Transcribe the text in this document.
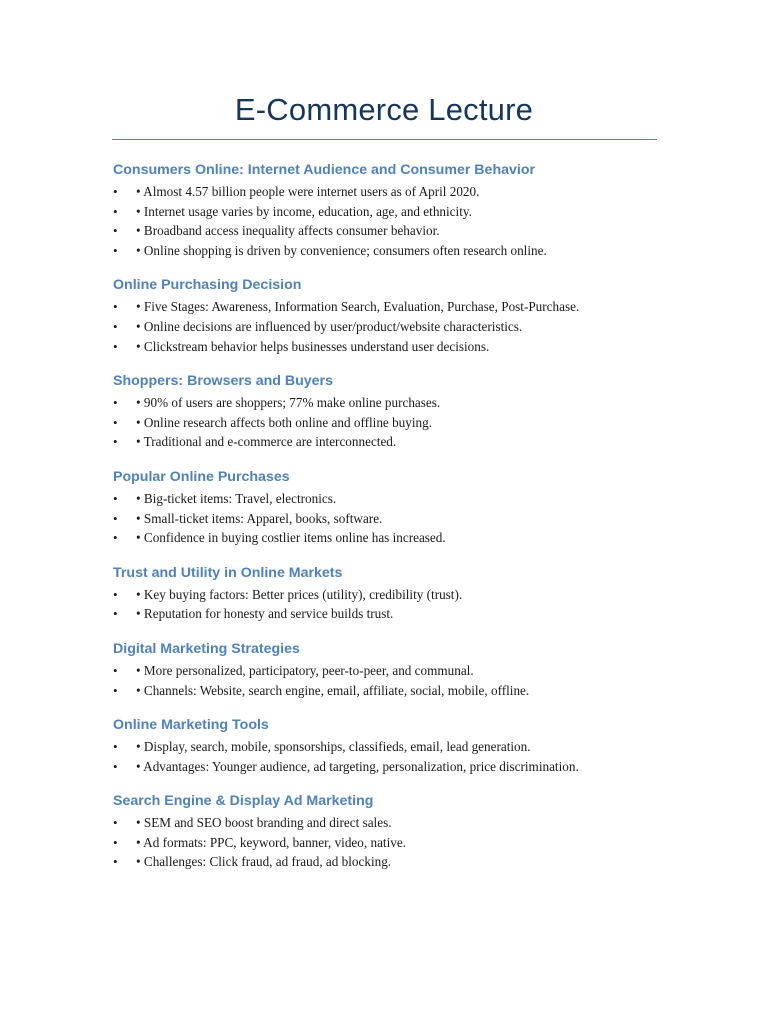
E-Commerce Lecture
Consumers Online: Internet Audience and Consumer Behavior
• • Almost 4.57 billion people were internet users as of April 2020.
• • Internet usage varies by income, education, age, and ethnicity.
• • Broadband access inequality affects consumer behavior.
• • Online shopping is driven by convenience; consumers often research online.
Online Purchasing Decision
• • Five Stages: Awareness, Information Search, Evaluation, Purchase, Post-Purchase.
• • Online decisions are influenced by user/product/website characteristics.
• • Clickstream behavior helps businesses understand user decisions.
Shoppers: Browsers and Buyers
• • 90% of users are shoppers; 77% make online purchases.
• • Online research affects both online and offline buying.
• • Traditional and e-commerce are interconnected.
Popular Online Purchases
• • Big-ticket items: Travel, electronics.
• • Small-ticket items: Apparel, books, software.
• • Confidence in buying costlier items online has increased.
Trust and Utility in Online Markets
• • Key buying factors: Better prices (utility), credibility (trust).
• • Reputation for honesty and service builds trust.
Digital Marketing Strategies
• • More personalized, participatory, peer-to-peer, and communal.
• • Channels: Website, search engine, email, affiliate, social, mobile, offline.
Online Marketing Tools
• • Display, search, mobile, sponsorships, classifieds, email, lead generation.
• • Advantages: Younger audience, ad targeting, personalization, price discrimination.
Search Engine & Display Ad Marketing
• • SEM and SEO boost branding and direct sales.
• • Ad formats: PPC, keyword, banner, video, native.
• • Challenges: Click fraud, ad fraud, ad blocking.
